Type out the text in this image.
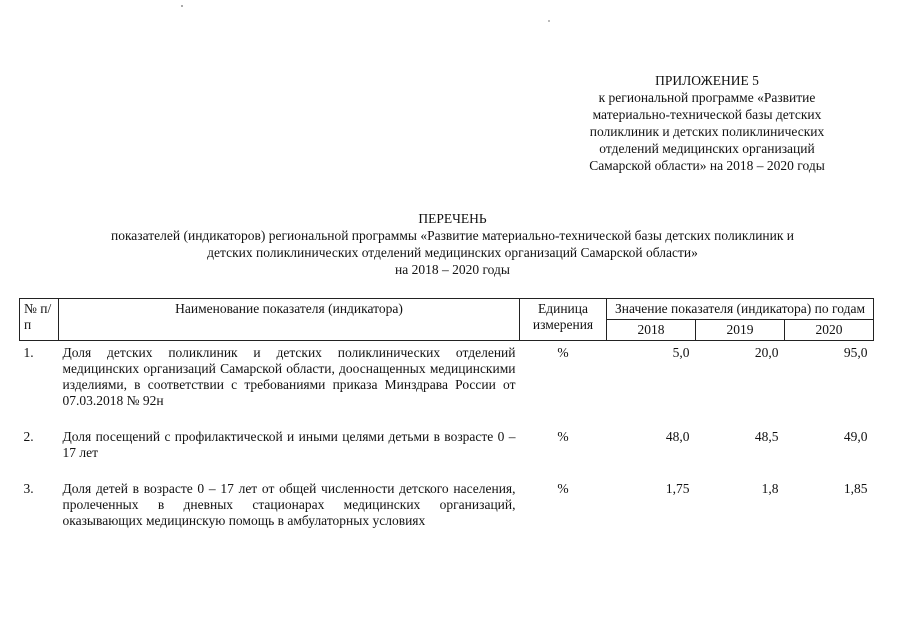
ПРИЛОЖЕНИЕ 5
к региональной программе «Развитие
материально-технической базы детских
поликлиник и детских поликлинических
отделений медицинских организаций
Самарской области» на 2018 – 2020 годы
ПЕРЕЧЕНЬ
показателей (индикаторов) региональной программы «Развитие материально-технической базы детских поликлиник и
детских поликлинических отделений медицинских организаций Самарской области»
на 2018 – 2020 годы
№ п/п	Наименование показателя (индикатора)	Единица измерения	Значение показателя (индикатора) по годам		
			2018	2019	2020
1.	Доля детских поликлиник и детских поликлинических отделений медицинских организаций Самарской области, дооснащенных медицинскими изделиями, в соответствии с требованиями приказа Минздрава России от 07.03.2018 № 92н	%	5,0	20,0	95,0

2.	Доля посещений с профилактической и иными целями детьми в возрасте 0 –17 лет	%	48,0	48,5	49,0

3.	Доля детей в возрасте 0 – 17 лет от общей численности детского населения, пролеченных в дневных стационарах медицинских организаций, оказывающих медицинскую помощь в амбулаторных условиях	%	1,75	1,8	1,85
